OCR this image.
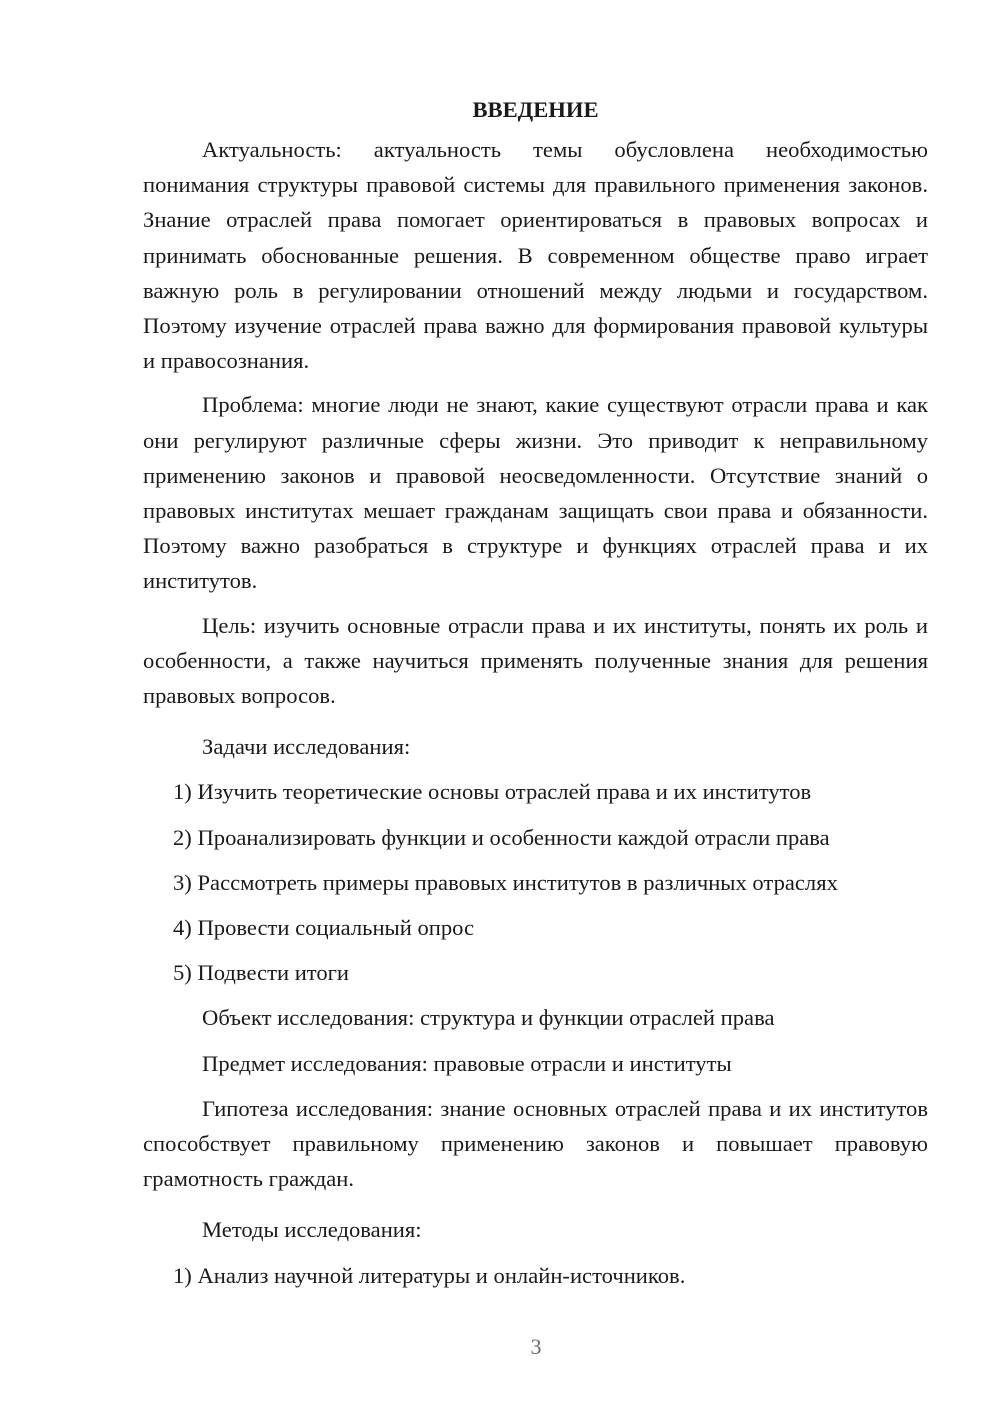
ВВЕДЕНИЕ

Актуальность: актуальность темы обусловлена необходимостью понимания структуры правовой системы для правильного применения законов. Знание отраслей права помогает ориентироваться в правовых вопросах и принимать обоснованные решения. В современном обществе право играет важную роль в регулировании отношений между людьми и государством. Поэтому изучение отраслей права важно для формирования правовой культуры и правосознания.

Проблема: многие люди не знают, какие существуют отрасли права и как они регулируют различные сферы жизни. Это приводит к неправильному применению законов и правовой неосведомленности. Отсутствие знаний о правовых институтах мешает гражданам защищать свои права и обязанности. Поэтому важно разобраться в структуре и функциях отраслей права и их институтов.

Цель: изучить основные отрасли права и их институты, понять их роль и особенности, а также научиться применять полученные знания для решения правовых вопросов.

Задачи исследования:
1) Изучить теоретические основы отраслей права и их институтов
2) Проанализировать функции и особенности каждой отрасли права
3) Рассмотреть примеры правовых институтов в различных отраслях
4) Провести социальный опрос
5) Подвести итоги
Объект исследования: структура и функции отраслей права
Предмет исследования: правовые отрасли и институты

Гипотеза исследования: знание основных отраслей права и их институтов способствует правильному применению законов и повышает правовую грамотность граждан.

Методы исследования:
1) Анализ научной литературы и онлайн-источников.
3
